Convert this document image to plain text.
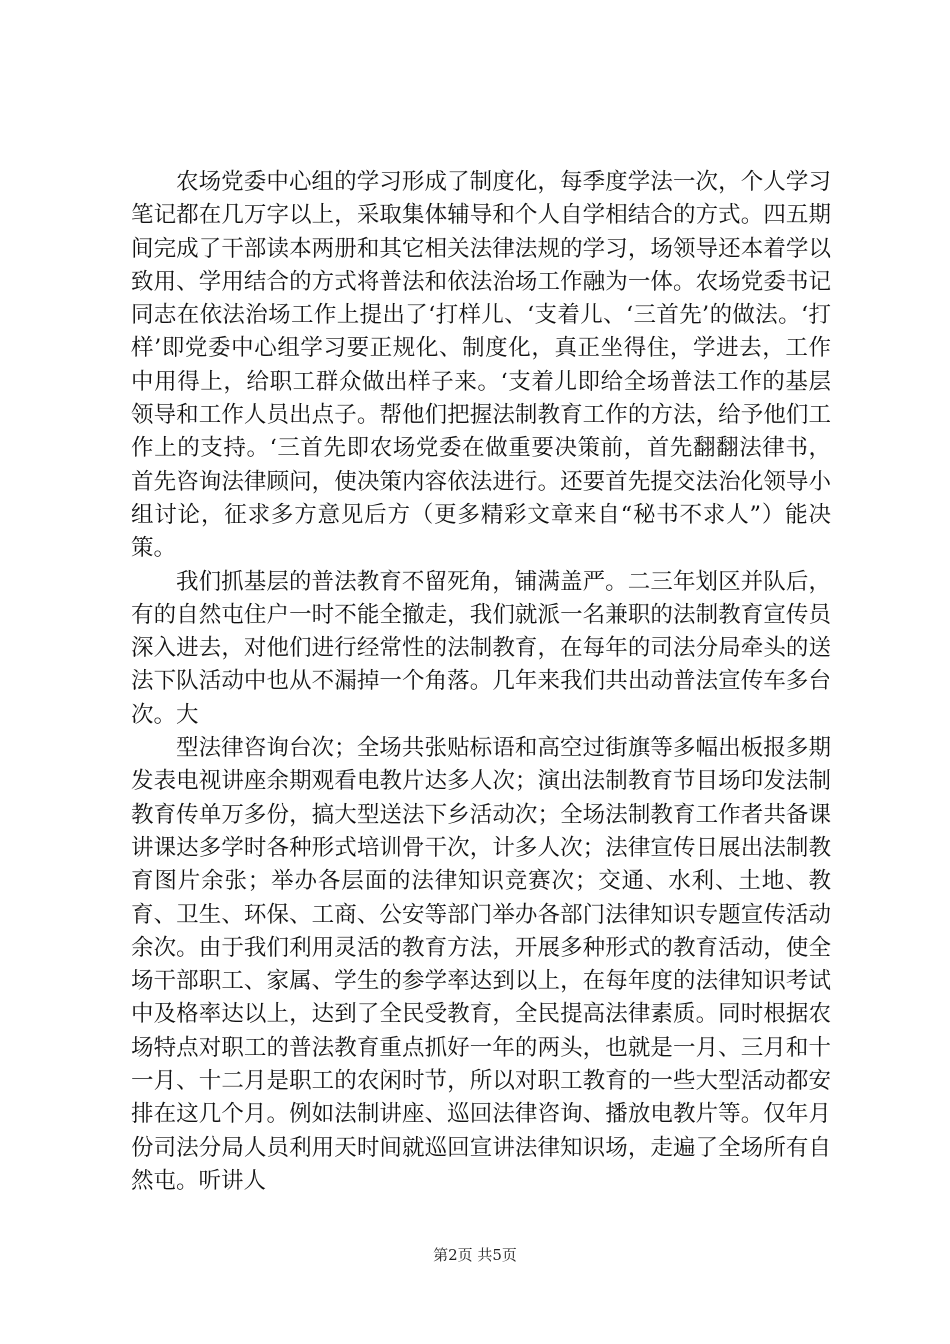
农场党委中心组的学习形成了制度化，每季度学法一次，个人学习笔记都在几万字以上，采取集体辅导和个人自学相结合的方式。四五期间完成了干部读本两册和其它相关法律法规的学习，场领导还本着学以致用、学用结合的方式将普法和依法治场工作融为一体。农场党委书记同志在依法治场工作上提出了‘打样儿、‘支着儿、‘三首先’的做法。‘打样’即党委中心组学习要正规化、制度化，真正坐得住，学进去，工作中用得上，给职工群众做出样子来。‘支着儿即给全场普法工作的基层领导和工作人员出点子。帮他们把握法制教育工作的方法，给予他们工作上的支持。‘三首先即农场党委在做重要决策前，首先翻翻法律书，首先咨询法律顾问，使决策内容依法进行。还要首先提交法治化领导小组讨论，征求多方意见后方（更多精彩文章来自“秘书不求人”）能决策。

我们抓基层的普法教育不留死角，铺满盖严。二三年划区并队后，有的自然屯住户一时不能全撤走，我们就派一名兼职的法制教育宣传员深入进去，对他们进行经常性的法制教育，在每年的司法分局牵头的送法下队活动中也从不漏掉一个角落。几年来我们共出动普法宣传车多台次。大

型法律咨询台次；全场共张贴标语和高空过街旗等多幅出板报多期发表电视讲座余期观看电教片达多人次；演出法制教育节目场印发法制教育传单万多份，搞大型送法下乡活动次；全场法制教育工作者共备课讲课达多学时各种形式培训骨干次，计多人次；法律宣传日展出法制教育图片余张；举办各层面的法律知识竞赛次；交通、水利、土地、教育、卫生、环保、工商、公安等部门举办各部门法律知识专题宣传活动余次。由于我们利用灵活的教育方法，开展多种形式的教育活动，使全场干部职工、家属、学生的参学率达到以上，在每年度的法律知识考试中及格率达以上，达到了全民受教育，全民提高法律素质。同时根据农场特点对职工的普法教育重点抓好一年的两头，也就是一月、三月和十一月、十二月是职工的农闲时节，所以对职工教育的一些大型活动都安排在这几个月。例如法制讲座、巡回法律咨询、播放电教片等。仅年月份司法分局人员利用天时间就巡回宣讲法律知识场，走遍了全场所有自然屯。听讲人

第2页 共5页
